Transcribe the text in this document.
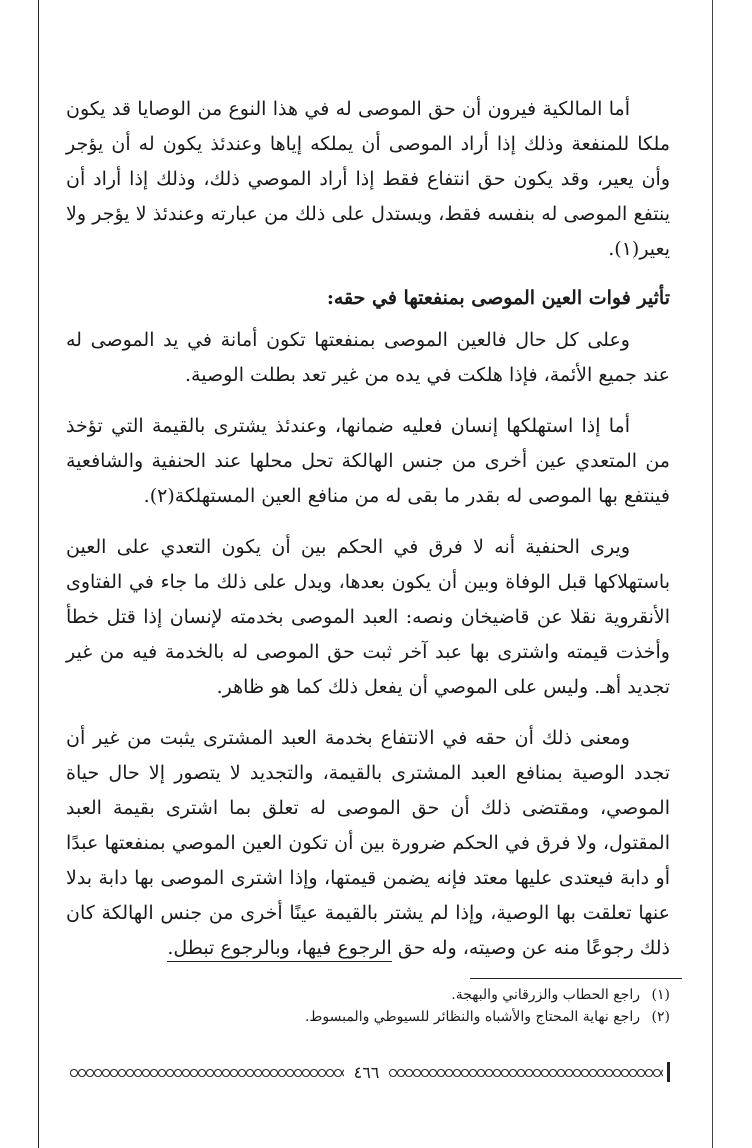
أما المالكية فيرون أن حق الموصى له في هذا النوع من الوصايا قد يكون ملكا للمنفعة وذلك إذا أراد الموصى أن يملكه إياها وعندئذ يكون له أن يؤجر وأن يعير، وقد يكون حق انتفاع فقط إذا أراد الموصي ذلك، وذلك إذا أراد أن ينتفع الموصى له بنفسه فقط، ويستدل على ذلك من عبارته وعندئذ لا يؤجر ولا يعير(١).

تأثير فوات العين الموصى بمنفعتها في حقه:

وعلى كل حال فالعين الموصى بمنفعتها تكون أمانة في يد الموصى له عند جميع الأئمة، فإذا هلكت في يده من غير تعد بطلت الوصية.

أما إذا استهلكها إنسان فعليه ضمانها، وعندئذ يشترى بالقيمة التي تؤخذ من المتعدي عين أخرى من جنس الهالكة تحل محلها عند الحنفية والشافعية فينتفع بها الموصى له بقدر ما بقى له من منافع العين المستهلكة(٢).

ويرى الحنفية أنه لا فرق في الحكم بين أن يكون التعدي على العين باستهلاكها قبل الوفاة وبين أن يكون بعدها، ويدل على ذلك ما جاء في الفتاوى الأنقروية نقلا عن قاضيخان ونصه: العبد الموصى بخدمته لإنسان إذا قتل خطأ وأخذت قيمته واشترى بها عبد آخر ثبت حق الموصى له بالخدمة فيه من غير تجديد أهـ. وليس على الموصي أن يفعل ذلك كما هو ظاهر.

ومعنى ذلك أن حقه في الانتفاع بخدمة العبد المشترى يثبت من غير أن تجدد الوصية بمنافع العبد المشترى بالقيمة، والتجديد لا يتصور إلا حال حياة الموصي، ومقتضى ذلك أن حق الموصى له تعلق بما اشترى بقيمة العبد المقتول، ولا فرق في الحكم ضرورة بين أن تكون العين الموصي بمنفعتها عبدًا أو دابة فيعتدى عليها معتد فإنه يضمن قيمتها، وإذا اشترى الموصى بها دابة بدلا عنها تعلقت بها الوصية، وإذا لم يشتر بالقيمة عينًا أخرى من جنس الهالكة كان ذلك رجوعًا منه عن وصيته، وله حق الرجوع فيها، وبالرجوع تبطل.

(١)راجع الحطاب والزرقاني والبهجة.

(٢)راجع نهاية المحتاج والأشباه والنظائر للسيوطي والمبسوط.

٤٦٦
